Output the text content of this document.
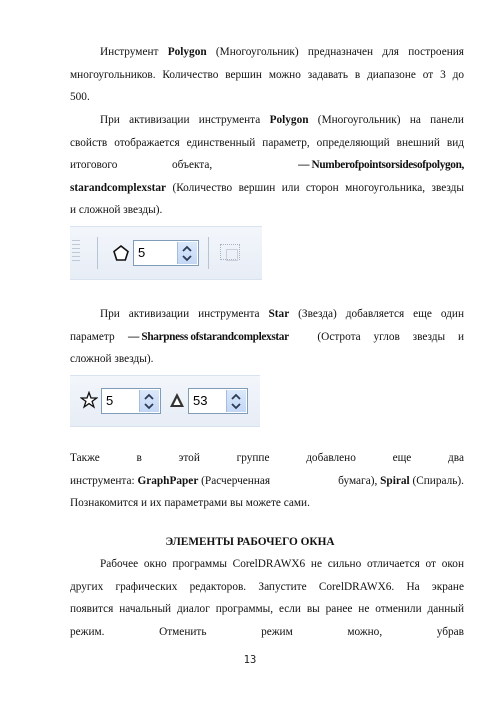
Инструмент Polygon (Многоугольник) предназначен для построения
многоугольников. Количество вершин можно задавать в диапазоне от 3 до
500.
При активизации инструмента Polygon (Многоугольник) на панели
свойств отображается единственный параметр, определяющий внешний вид
итогового	объекта,	— Numberofpointsorsidesofpolygon,
starandcomplexstar (Количество вершин или сторон многоугольника, звезды
и сложной звезды).
5
При активизации инструмента Star (Звезда) добавляется еще один
параметр — Sharpness ofstarandcomplexstar	(Острота углов звезды и
сложной звезды).
5	53
Также	в	этой	группе	добавлено	еще	два
инструмента: GraphPaper (Расчерченная	бумага), Spiral (Спираль).
Познакомится и их параметрами вы можете сами.
ЭЛЕМЕНТЫ РАБОЧЕГО ОКНА
Рабочее окно программы CorelDRAWX6 не сильно отличается от окон
других графических редакторов. Запустите CorelDRAWX6. На экране
появится начальный диалог программы, если вы ранее не отменили данный
режим.	Отменить	режим	можно,	убрав
13
